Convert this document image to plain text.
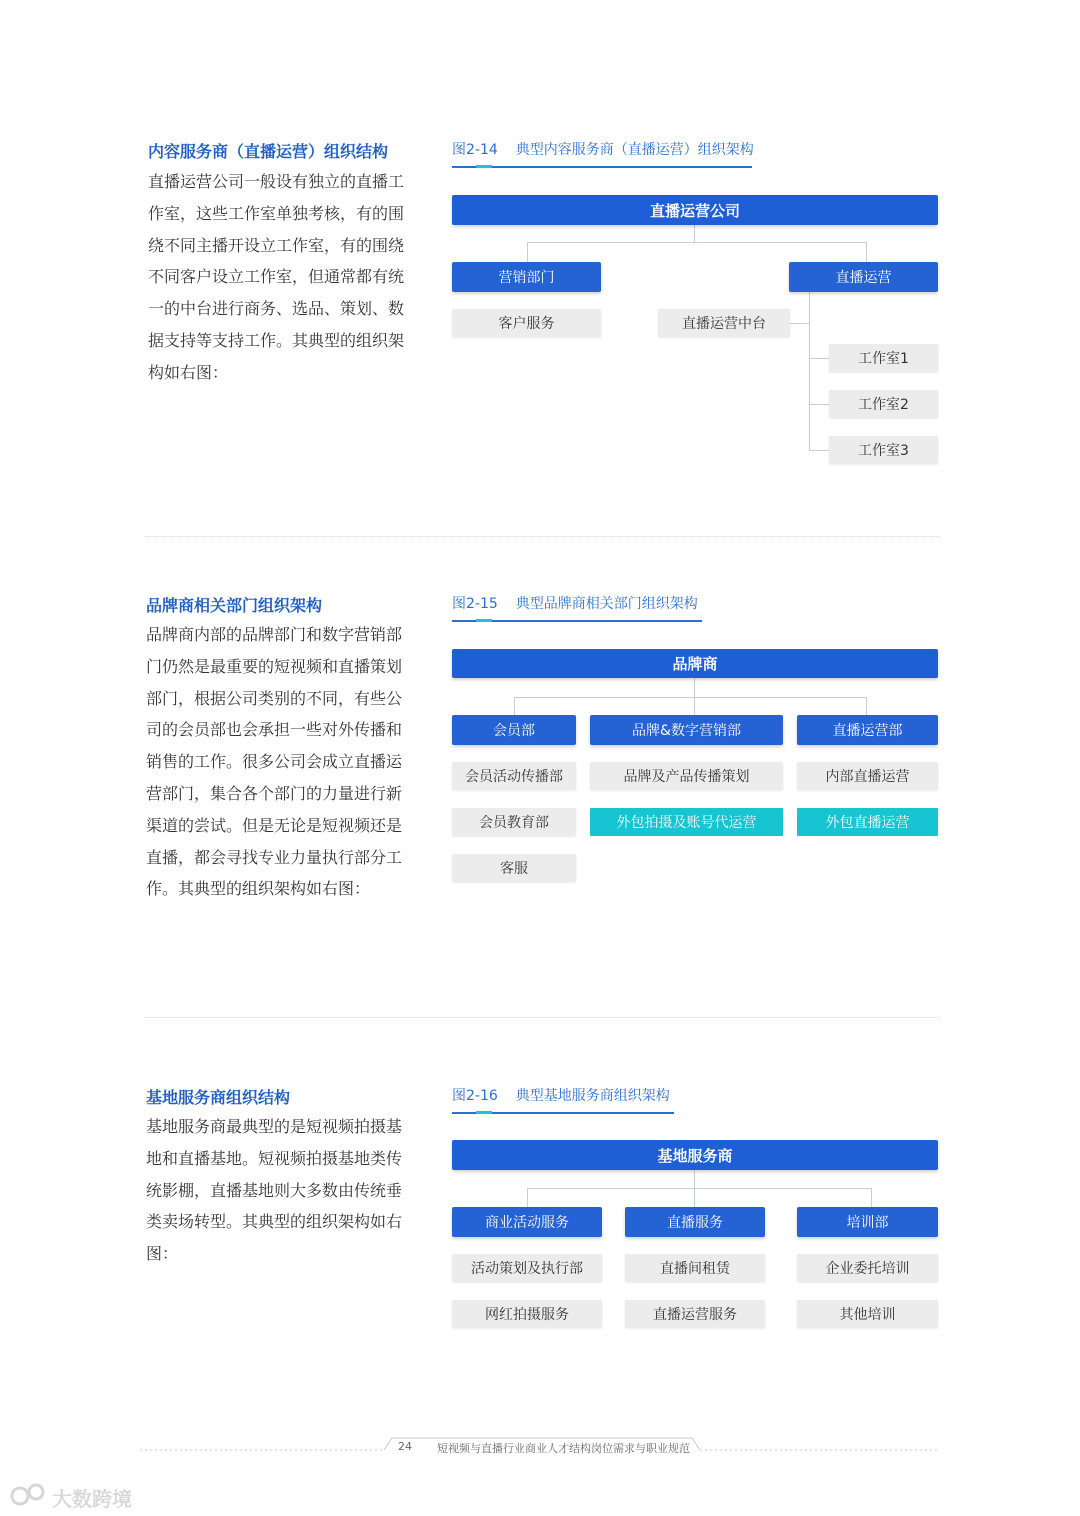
内容服务商（直播运营）组织结构
直播运营公司一般设有独立的直播工
作室，这些工作室单独考核，有的围
绕不同主播开设立工作室，有的围绕
不同客户设立工作室，但通常都有统
一的中台进行商务、选品、策划、数
据支持等支持工作。其典型的组织架
构如右图：
图2-14 典型内容服务商（直播运营）组织架构
直播运营公司
营销部门	直播运营
客户服务	直播运营中台
工作室1
工作室2
工作室3
品牌商相关部门组织架构
品牌商内部的品牌部门和数字营销部
门仍然是最重要的短视频和直播策划
部门，根据公司类别的不同，有些公
司的会员部也会承担一些对外传播和
销售的工作。很多公司会成立直播运
营部门，集合各个部门的力量进行新
渠道的尝试。但是无论是短视频还是
直播，都会寻找专业力量执行部分工
作。其典型的组织架构如右图：
图2-15 典型品牌商相关部门组织架构
品牌商
会员部	品牌&数字营销部	直播运营部
会员活动传播部
会员教育部
客服
品牌及产品传播策划
外包拍摄及账号代运营
内部直播运营
外包直播运营
基地服务商组织结构
基地服务商最典型的是短视频拍摄基
地和直播基地。短视频拍摄基地类传
统影棚，直播基地则大多数由传统垂
类卖场转型。其典型的组织架构如右
图：
图2-16 典型基地服务商组织架构
基地服务商
商业活动服务	直播服务	培训部
活动策划及执行部
网红拍摄服务
直播间租赁
直播运营服务
企业委托培训
其他培训
24 短视频与直播行业商业人才结构岗位需求与职业规范
大数跨境
